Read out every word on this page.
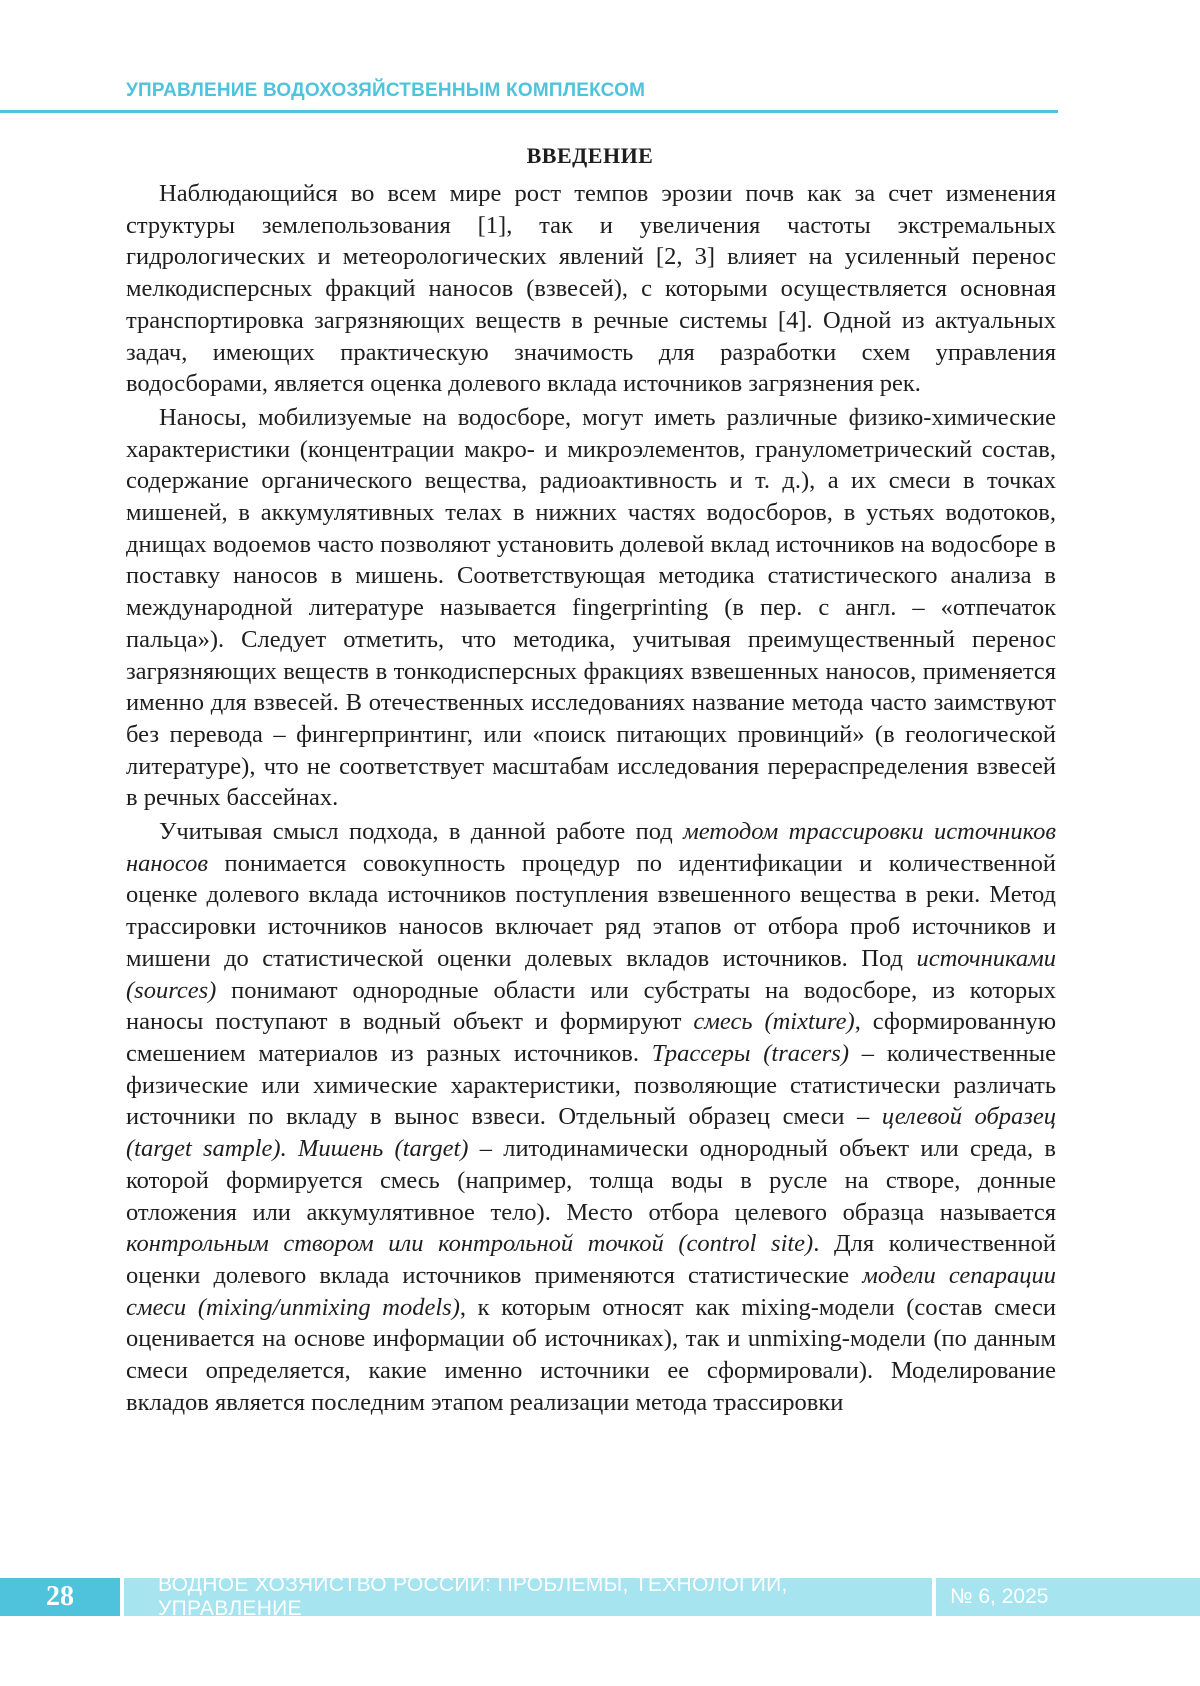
УПРАВЛЕНИЕ ВОДОХОЗЯЙСТВЕННЫМ КОМПЛЕКСОМ
ВВЕДЕНИЕ

Наблюдающийся во всем мире рост темпов эрозии почв как за счет изменения структуры землепользования [1], так и увеличения частоты экстремальных гидрологических и метеорологических явлений [2, 3] влияет на усиленный перенос мелкодисперсных фракций наносов (взвесей), с которыми осуществляется основная транспортировка загрязняющих веществ в речные системы [4]. Одной из актуальных задач, имеющих практическую значимость для разработки схем управления водосборами, является оценка долевого вклада источников загрязнения рек.

Наносы, мобилизуемые на водосборе, могут иметь различные физико-химические характеристики (концентрации макро- и микроэлементов, гранулометрический состав, содержание органического вещества, радиоактивность и т. д.), а их смеси в точках мишеней, в аккумулятивных телах в нижних частях водосборов, в устьях водотоков, днищах водоемов часто позволяют установить долевой вклад источников на водосборе в поставку наносов в мишень. Соответствующая методика статистического анализа в международной литературе называется fingerprinting (в пер. с англ. – «отпечаток пальца»). Следует отметить, что методика, учитывая преимущественный перенос загрязняющих веществ в тонкодисперсных фракциях взвешенных наносов, применяется именно для взвесей. В отечественных исследованиях название метода часто заимствуют без перевода – фингерпринтинг, или «поиск питающих провинций» (в геологической литературе), что не соответствует масштабам исследования перераспределения взвесей в речных бассейнах.

Учитывая смысл подхода, в данной работе под методом трассировки источников наносов понимается совокупность процедур по идентификации и количественной оценке долевого вклада источников поступления взвешенного вещества в реки. Метод трассировки источников наносов включает ряд этапов от отбора проб источников и мишени до статистической оценки долевых вкладов источников. Под источниками (sources) понимают однородные области или субстраты на водосборе, из которых наносы поступают в водный объект и формируют смесь (mixture), сформированную смешением материалов из разных источников. Трассеры (tracers) – количественные физические или химические характеристики, позволяющие статистически различать источники по вкладу в вынос взвеси. Отдельный образец смеси – целевой образец (target sample). Мишень (target) – литодинамически однородный объект или среда, в которой формируется смесь (например, толща воды в русле на створе, донные отложения или аккумулятивное тело). Место отбора целевого образца называется контрольным створом или контрольной точкой (control site). Для количественной оценки долевого вклада источников применяются статистические модели сепарации смеси (mixing/unmixing models), к которым относят как mixing-модели (состав смеси оценивается на основе информации об источниках), так и unmixing-модели (по данным смеси определяется, какие именно источники ее сформировали). Моделирование вкладов является последним этапом реализации метода трассировки

28	ВОДНОЕ ХОЗЯЙСТВО РОССИИ: ПРОБЛЕМЫ, ТЕХНОЛОГИИ, УПРАВЛЕНИЕ
№ 6, 2025
